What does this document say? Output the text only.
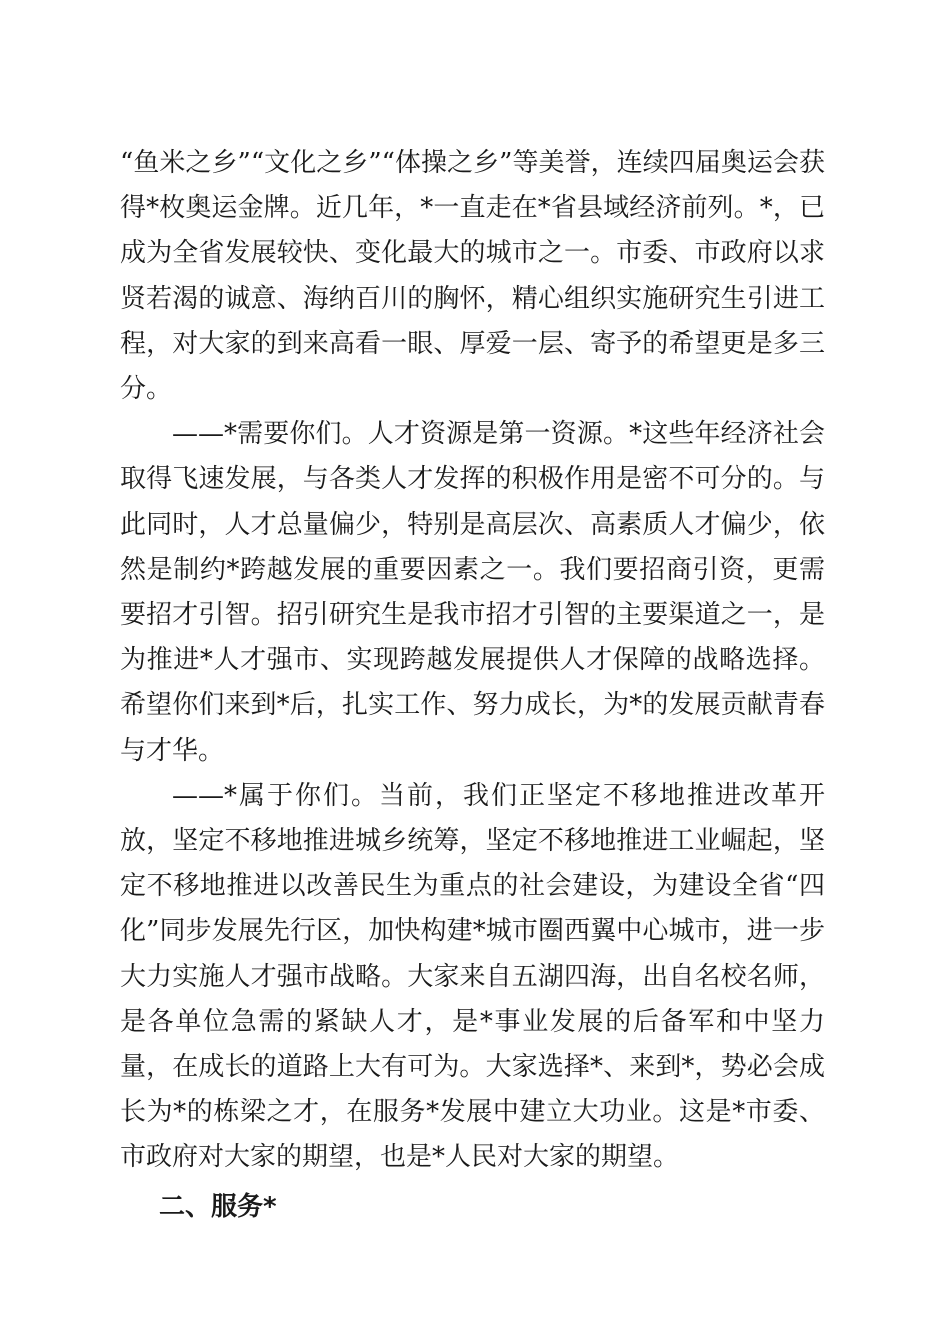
“鱼米之乡”“文化之乡”“体操之乡”等美誉，连续四届奥运会获得*枚奥运金牌。近几年，*一直走在*省县域经济前列。*，已成为全省发展较快、变化最大的城市之一。市委、市政府以求贤若渴的诚意、海纳百川的胸怀，精心组织实施研究生引进工程，对大家的到来高看一眼、厚爱一层、寄予的希望更是多三分。

——*需要你们。人才资源是第一资源。*这些年经济社会取得飞速发展，与各类人才发挥的积极作用是密不可分的。与此同时，人才总量偏少，特别是高层次、高素质人才偏少，依然是制约*跨越发展的重要因素之一。我们要招商引资，更需要招才引智。招引研究生是我市招才引智的主要渠道之一，是为推进*人才强市、实现跨越发展提供人才保障的战略选择。希望你们来到*后，扎实工作、努力成长，为*的发展贡献青春与才华。

——*属于你们。当前，我们正坚定不移地推进改革开放，坚定不移地推进城乡统筹，坚定不移地推进工业崛起，坚定不移地推进以改善民生为重点的社会建设，为建设全省“四化”同步发展先行区，加快构建*城市圈西翼中心城市，进一步大力实施人才强市战略。大家来自五湖四海，出自名校名师，是各单位急需的紧缺人才，是*事业发展的后备军和中坚力量，在成长的道路上大有可为。大家选择*、来到*，势必会成长为*的栋梁之才，在服务*发展中建立大功业。这是*市委、市政府对大家的期望，也是*人民对大家的期望。

二、服务*
